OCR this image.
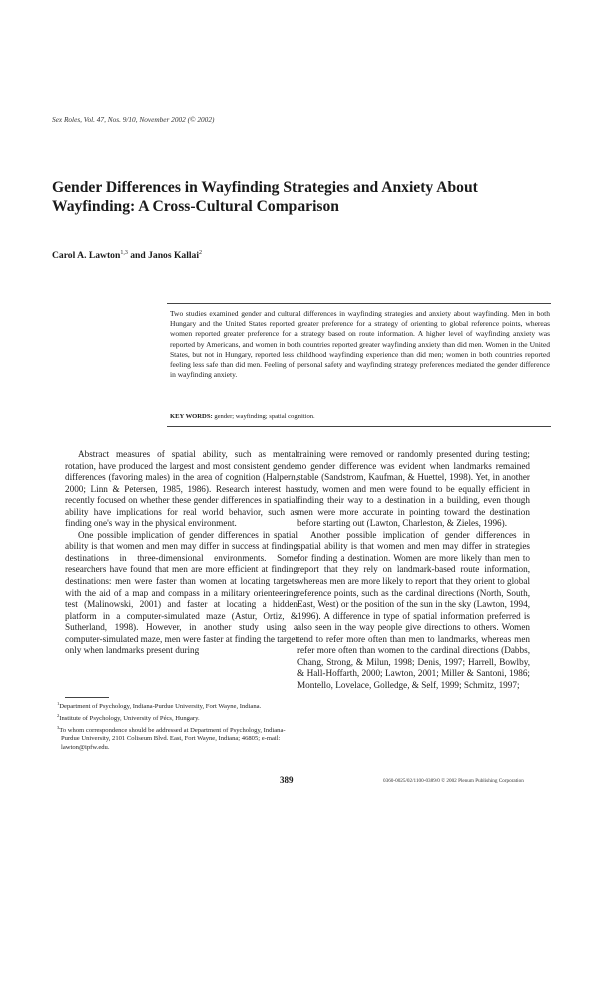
Sex Roles, Vol. 47, Nos. 9/10, November 2002 (© 2002)
Gender Differences in Wayfinding Strategies and Anxiety About Wayfinding: A Cross-Cultural Comparison
Carol A. Lawton$^{1,3}$ and Janos Kallai$^2$
Two studies examined gender and cultural differences in wayfinding strategies and anxiety about wayfinding. Men in both Hungary and the United States reported greater preference for a strategy of orienting to global reference points, whereas women reported greater preference for a strategy based on route information. A higher level of wayfinding anxiety was reported by Americans, and women in both countries reported greater wayfinding anxiety than did men. Women in the United States, but not in Hungary, reported less childhood wayfinding experience than did men; women in both countries reported feeling less safe than did men. Feeling of personal safety and wayfinding strategy preferences mediated the gender difference in wayfinding anxiety.
KEY WORDS: gender; wayfinding; spatial cognition.

Abstract measures of spatial ability, such as mental rotation, have produced the largest and most consistent gender differences (favoring males) in the area of cognition (Halpern, 2000; Linn & Petersen, 1985, 1986). Research interest has recently focused on whether these gender differences in spatial ability have implications for real world behavior, such as finding one's way in the physical environment.

One possible implication of gender differences in spatial ability is that women and men may differ in success at finding destinations in three-dimensional environments. Some researchers have found that men are more efficient at finding destinations: men were faster than women at locating targets with the aid of a map and compass in a military orienteering test (Malinowski, 2001) and faster at locating a hidden platform in a computer-simulated maze (Astur, Ortiz, & Sutherland, 1998). However, in another study using a computer-simulated maze, men were faster at finding the target only when landmarks present during

training were removed or randomly presented during testing; no gender difference was evident when landmarks remained stable (Sandstrom, Kaufman, & Huettel, 1998). Yet, in another study, women and men were found to be equally efficient in finding their way to a destination in a building, even though men were more accurate in pointing toward the destination before starting out (Lawton, Charleston, & Zieles, 1996).

Another possible implication of gender differences in spatial ability is that women and men may differ in strategies for finding a destination. Women are more likely than men to report that they rely on landmark-based route information, whereas men are more likely to report that they orient to global reference points, such as the cardinal directions (North, South, East, West) or the position of the sun in the sky (Lawton, 1994, 1996). A difference in type of spatial information preferred is also seen in the way people give directions to others. Women tend to refer more often than men to landmarks, whereas men refer more often than women to the cardinal directions (Dabbs, Chang, Strong, & Milun, 1998; Denis, 1997; Harrell, Bowlby, & Hall-Hoffarth, 2000; Lawton, 2001; Miller & Santoni, 1986; Montello, Lovelace, Golledge, & Self, 1999; Schmitz, 1997;

$^1$Department of Psychology, Indiana-Purdue University, Fort Wayne, Indiana.
$^2$Institute of Psychology, University of Pécs, Hungary.
$^3$To whom correspondence should be addressed at Department of Psychology, Indiana-Purdue University, 2101 Coliseum Blvd. East, Fort Wayne, Indiana; 46805; e-mail: lawton@ipfw.edu.
389	0360-0025/02/1100-0389/0 © 2002 Plenum Publishing Corporation
